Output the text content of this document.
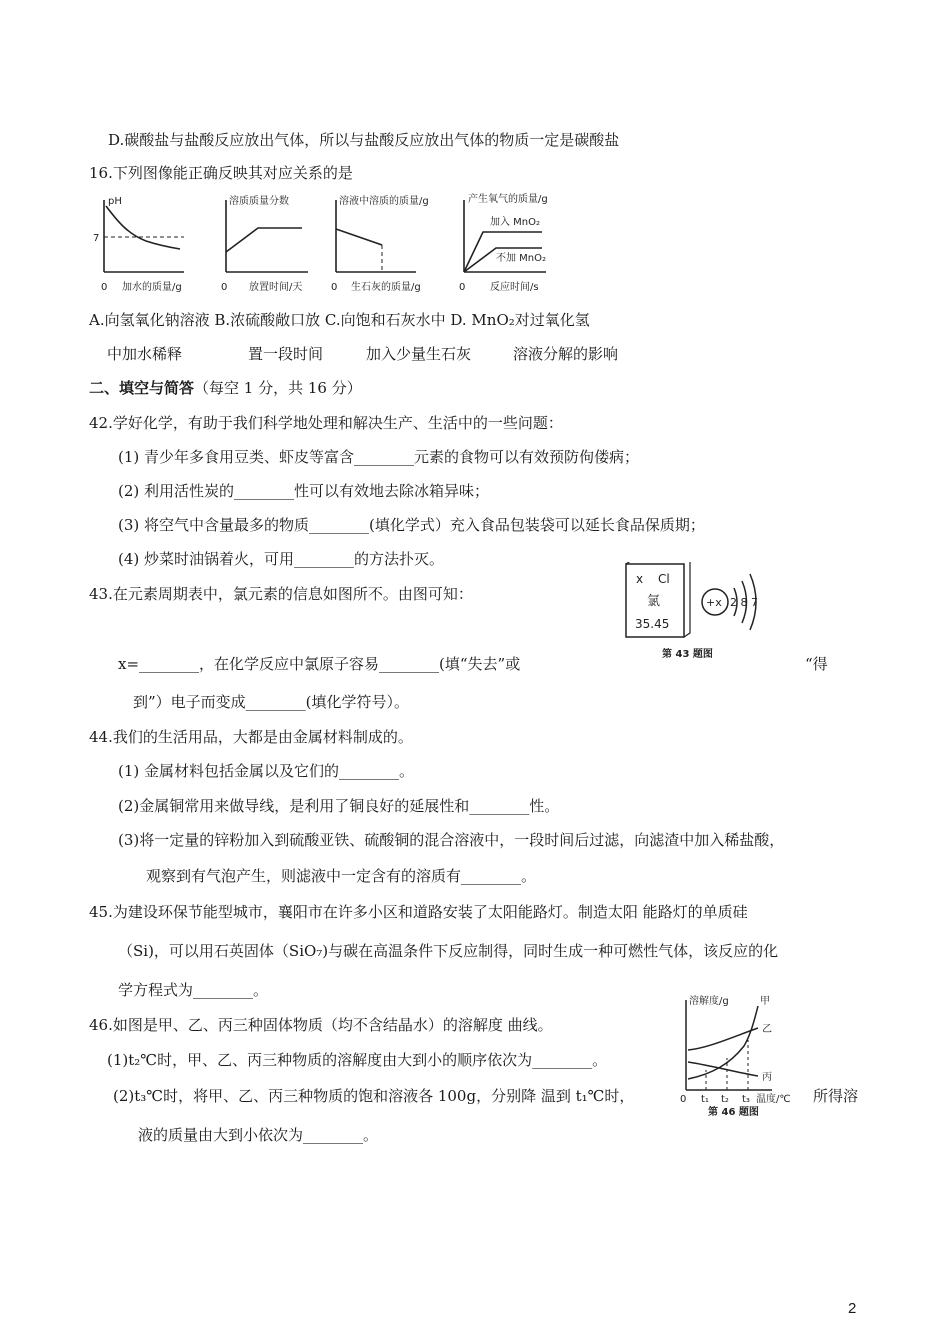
D.碳酸盐与盐酸反应放出气体，所以与盐酸反应放出气体的物质一定是碳酸盐
16.下列图像能正确反映其对应关系的是
pH
7
0 加水的质量/g
溶质质量分数
0 放置时间/天
溶液中溶质的质量/g
0 生石灰的质量/g
产生氧气的质量/g
加入 MnO₂
不加 MnO₂
0 反应时间/s
A.向氢氧化钠溶液 B.浓硫酸敞口放 C.向饱和石灰水中 D. MnO₂对过氧化氢
中加水稀释	置一段时间	加入少量生石灰	溶液分解的影响
二、填空与简答（每空 1 分，共 16 分）
42.学好化学，有助于我们科学地处理和解决生产、生活中的一些问题：
(1) 青少年多食用豆类、虾皮等富含________元素的食物可以有效预防佝偻病；
(2) 利用活性炭的________性可以有效地去除冰箱异味；
(3) 将空气中含量最多的物质________(填化学式）充入食品包装袋可以延长食品保质期；
(4) 炒菜时油锅着火，可用________的方法扑灭。
43.在元素周期表中，氯元素的信息如图所不。由图可知：
x Cl
氯
35.45
+x 2 8 7
第 43 题图
x=________，在化学反应中氯原子容易________(填“失去”或	“得
到”）电子而变成________(填化学符号）。
44.我们的生活用品，大都是由金属材料制成的。
(1) 金属材料包括金属以及它们的________。
(2)金属铜常用来做导线，是利用了铜良好的延展性和________性。
(3)将一定量的锌粉加入到硫酸亚铁、硫酸铜的混合溶液中，一段时间后过滤，向滤渣中加入稀盐酸，
观察到有气泡产生，则滤液中一定含有的溶质有________。
45.为建设环保节能型城市，襄阳市在许多小区和道路安装了太阳能路灯。制造太阳 能路灯的单质硅
（Si)，可以用石英固体（SiO₇)与碳在高温条件下反应制得，同时生成一种可燃性气体，该反应的化
学方程式为________。
46.如图是甲、乙、丙三种固体物质（均不含结晶水）的溶解度 曲线。
溶解度/g	甲
乙
丙
0 t₁ t₂ t₃ 温度/℃
第 46 题图
(1)t₂℃时，甲、乙、丙三种物质的溶解度由大到小的顺序依次为________。
(2)t₃℃时，将甲、乙、丙三种物质的饱和溶液各 100g，分别降 温到 t₁℃时，	所得溶
液的质量由大到小依次为________。
2
